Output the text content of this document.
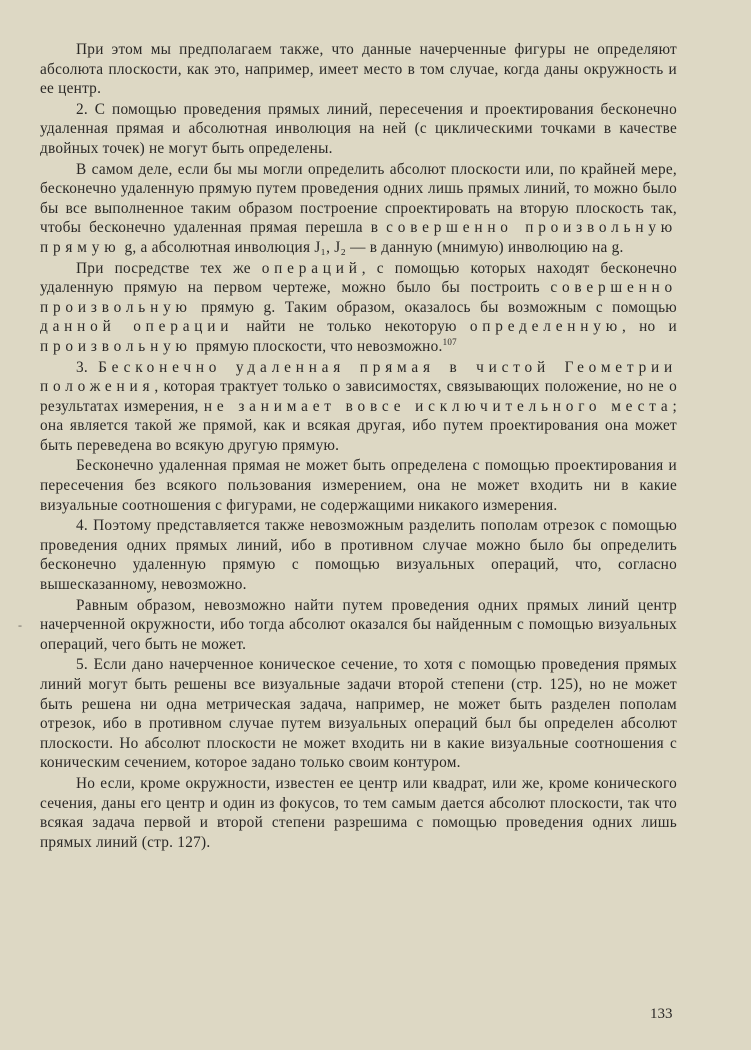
При этом мы предполагаем также, что данные начерченные фигуры не определяют абсолюта плоскости, как это, например, имеет место в том случае, когда даны окружность и ее центр.

2. С помощью проведения прямых линий, пересечения и проектирования бесконечно удаленная прямая и абсолютная инволюция на ней (с циклическими точками в качестве двойных точек) не могут быть определены.

В самом деле, если бы мы могли определить абсолют плоскости или, по крайней мере, бесконечно удаленную прямую путем проведения одних лишь прямых линий, то можно было бы все выполненное таким образом построение спроектировать на вторую плоскость так, чтобы бесконечно удаленная прямая перешла в совершенно произвольную прямую g, а абсолютная инволюция J₁, J₂ — в данную (мнимую) инволюцию на g.

При посредстве тех же операций, с помощью которых находят бесконечно удаленную прямую на первом чертеже, можно было бы построить совершенно произвольную прямую g. Таким образом, оказалось бы возможным с помощью данной операции найти не только некоторую определенную, но и произвольную прямую плоскости, что невозможно.$^{107}$

3. Бесконечно удаленная прямая в чистой Геометрии положения, которая трактует только о зависимостях, связывающих положение, но не о результатах измерения, не занимает вовсе исключительного места; она является такой же прямой, как и всякая другая, ибо путем проектирования она может быть переведена во всякую другую прямую.

Бесконечно удаленная прямая не может быть определена с помощью проектирования и пересечения без всякого пользования измерением, она не может входить ни в какие визуальные соотношения с фигурами, не содержащими никакого измерения.

4. Поэтому представляется также невозможным разделить пополам отрезок с помощью проведения одних прямых линий, ибо в противном случае можно было бы определить бесконечно удаленную прямую с помощью визуальных операций, что, согласно вышесказанному, невозможно.

Равным образом, невозможно найти путем проведения одних прямых линий центр начерченной окружности, ибо тогда абсолют оказался бы найденным с помощью визуальных операций, чего быть не может.

5. Если дано начерченное коническое сечение, то хотя с помощью проведения прямых линий могут быть решены все визуальные задачи второй степени (стр. 125), но не может быть решена ни одна метрическая задача, например, не может быть разделен пополам отрезок, ибо в противном случае путем визуальных операций был бы определен абсолют плоскости. Но абсолют плоскости не может входить ни в какие визуальные соотношения с коническим сечением, которое задано только своим контуром.

Но если, кроме окружности, известен ее центр или квадрат, или же, кроме конического сечения, даны его центр и один из фокусов, то тем самым дается абсолют плоскости, так что всякая задача первой и второй степени разрешима с помощью проведения одних лишь прямых линий (стр. 127).

-
133
